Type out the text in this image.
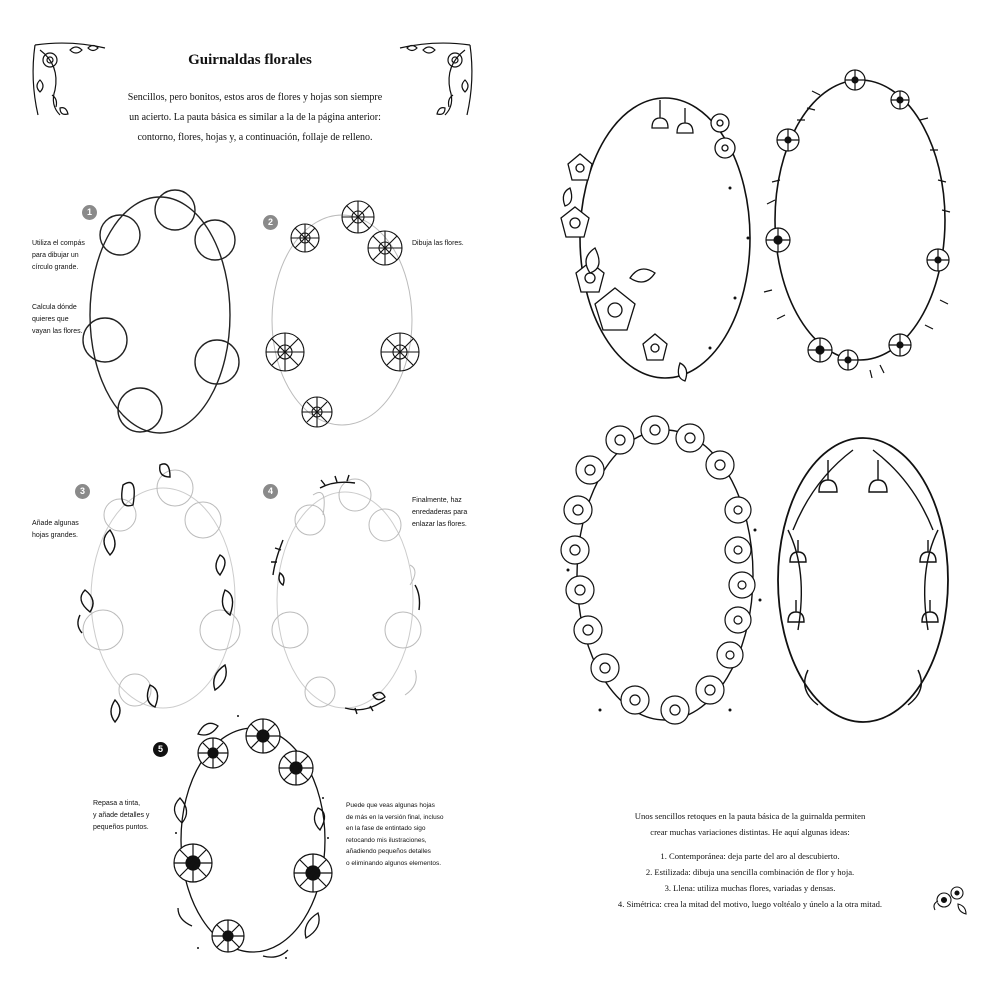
Guirnaldas florales
Sencillos, pero bonitos, estos aros de flores y hojas son siempre
un acierto. La pauta básica es similar a la de la página anterior:
contorno, flores, hojas y, a continuación, follaje de relleno.
1
Utiliza el compás
para dibujar un
círculo grande.
Calcula dónde
quieres que
vayan las flores.
2
Dibuja las flores.
3
Añade algunas
hojas grandes.
4
Finalmente, haz
enredaderas para
enlazar las flores.
5
Repasa a tinta,
y añade detalles y
pequeños puntos.
Puede que veas algunas hojas
de más en la versión final, incluso
en la fase de entintado sigo
retocando mis ilustraciones,
añadiendo pequeños detalles
o eliminando algunos elementos.
Unos sencillos retoques en la pauta básica de la guirnalda permiten
crear muchas variaciones distintas. He aquí algunas ideas:
1. Contemporánea: deja parte del aro al descubierto.
2. Estilizada: dibuja una sencilla combinación de flor y hoja.
3. Llena: utiliza muchas flores, variadas y densas.
4. Simétrica: crea la mitad del motivo, luego voltéalo y únelo a la otra mitad.
